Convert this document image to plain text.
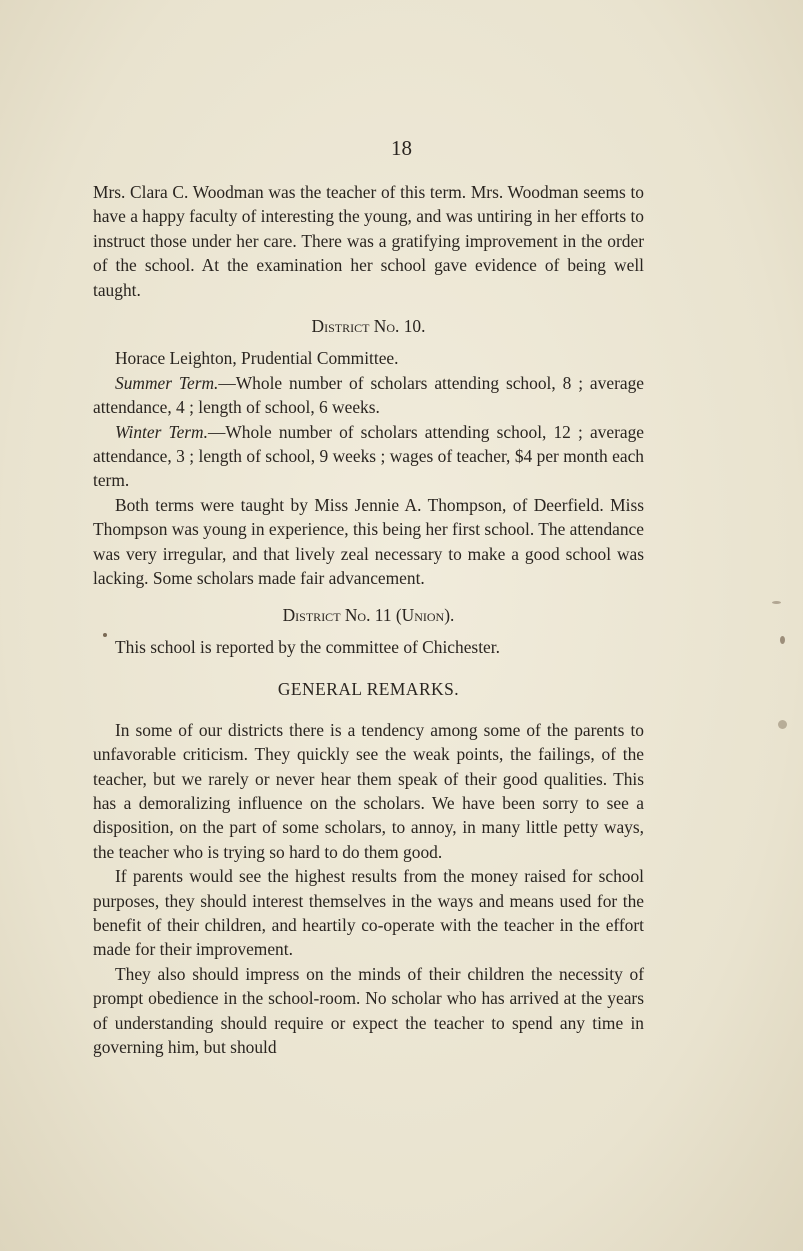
18

Mrs. Clara C. Woodman was the teacher of this term. Mrs. Woodman seems to have a happy faculty of interesting the young, and was untiring in her efforts to instruct those under her care. There was a gratifying improvement in the order of the school. At the examination her school gave evidence of being well taught.

District No. 10.

Horace Leighton, Prudential Committee.

Summer Term.—Whole number of scholars attending school, 8 ; average attendance, 4 ; length of school, 6 weeks.

Winter Term.—Whole number of scholars attending school, 12 ; average attendance, 3 ; length of school, 9 weeks ; wages of teacher, $4 per month each term.

Both terms were taught by Miss Jennie A. Thompson, of Deerfield. Miss Thompson was young in experience, this being her first school. The attendance was very irregular, and that lively zeal necessary to make a good school was lacking. Some scholars made fair advancement.

District No. 11 (Union).

This school is reported by the committee of Chichester.

GENERAL REMARKS.

In some of our districts there is a tendency among some of the parents to unfavorable criticism. They quickly see the weak points, the failings, of the teacher, but we rarely or never hear them speak of their good qualities. This has a demoralizing influence on the scholars. We have been sorry to see a disposition, on the part of some scholars, to annoy, in many little petty ways, the teacher who is trying so hard to do them good.

If parents would see the highest results from the money raised for school purposes, they should interest themselves in the ways and means used for the benefit of their children, and heartily co-operate with the teacher in the effort made for their improvement.

They also should impress on the minds of their children the necessity of prompt obedience in the school-room. No scholar who has arrived at the years of understanding should require or expect the teacher to spend any time in governing him, but should
